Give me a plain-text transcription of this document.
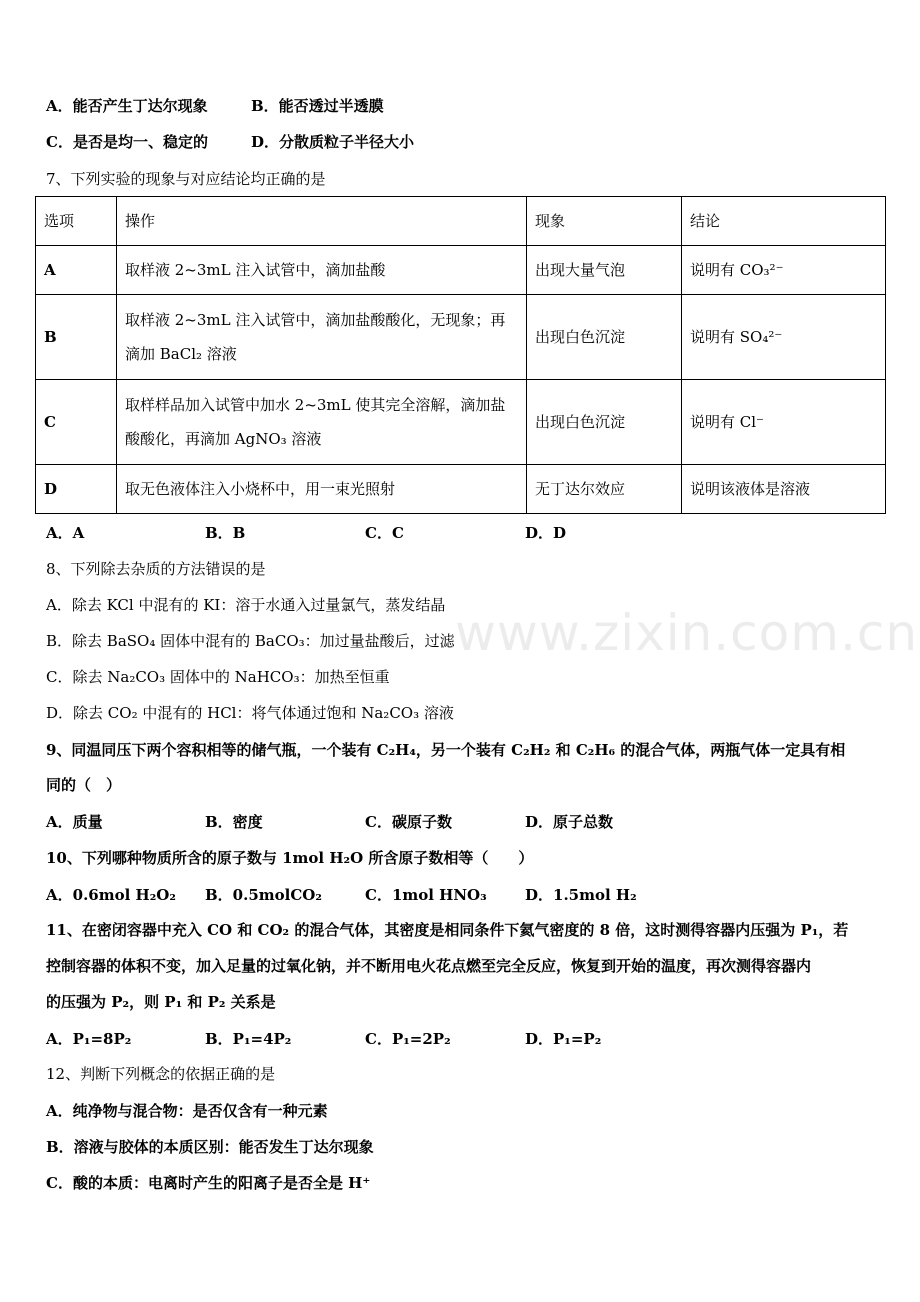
A．能否产生丁达尔现象	B．能否透过半透膜
C．是否是均一、稳定的	D．分散质粒子半径大小
7、下列实验的现象与对应结论均正确的是
选项	操作	现象	结论
A	取样液 2~3mL 注入试管中，滴加盐酸	出现大量气泡	说明有 CO₃²⁻
B	取样液 2~3mL 注入试管中，滴加盐酸酸化，无现象；再滴加 BaCl₂ 溶液	出现白色沉淀	说明有 SO₄²⁻
C	取样样品加入试管中加水 2~3mL 使其完全溶解，滴加盐酸酸化，再滴加 AgNO₃ 溶液	出现白色沉淀	说明有 Cl⁻
D	取无色液体注入小烧杯中，用一束光照射	无丁达尔效应	说明该液体是溶液
A．A	B．B	C．C	D．D
8、下列除去杂质的方法错误的是
A．除去 KCl 中混有的 KI：溶于水通入过量氯气，蒸发结晶
B．除去 BaSO₄ 固体中混有的 BaCO₃：加过量盐酸后，过滤
C．除去 Na₂CO₃ 固体中的 NaHCO₃：加热至恒重
D．除去 CO₂ 中混有的 HCl：将气体通过饱和 Na₂CO₃ 溶液
9、同温同压下两个容积相等的储气瓶，一个装有 C₂H₄，另一个装有 C₂H₂ 和 C₂H₆ 的混合气体，两瓶气体一定具有相
同的（　）
A．质量	B．密度	C．碳原子数	D．原子总数
10、下列哪种物质所含的原子数与 1mol H₂O 所含原子数相等（　　）
A．0.6mol H₂O₂ B．0.5molCO₂	C．1mol HNO₃	D．1.5mol H₂
11、在密闭容器中充入 CO 和 CO₂ 的混合气体，其密度是相同条件下氦气密度的 8 倍，这时测得容器内压强为 P₁，若
控制容器的体积不变，加入足量的过氧化钠，并不断用电火花点燃至完全反应，恢复到开始的温度，再次测得容器内
的压强为 P₂，则 P₁ 和 P₂ 关系是
A．P₁=8P₂	B．P₁=4P₂	C．P₁=2P₂	D．P₁=P₂
12、判断下列概念的依据正确的是
A．纯净物与混合物：是否仅含有一种元素
B．溶液与胶体的本质区别：能否发生丁达尔现象
C．酸的本质：电离时产生的阳离子是否全是 H⁺
www.zixin.com.cn
